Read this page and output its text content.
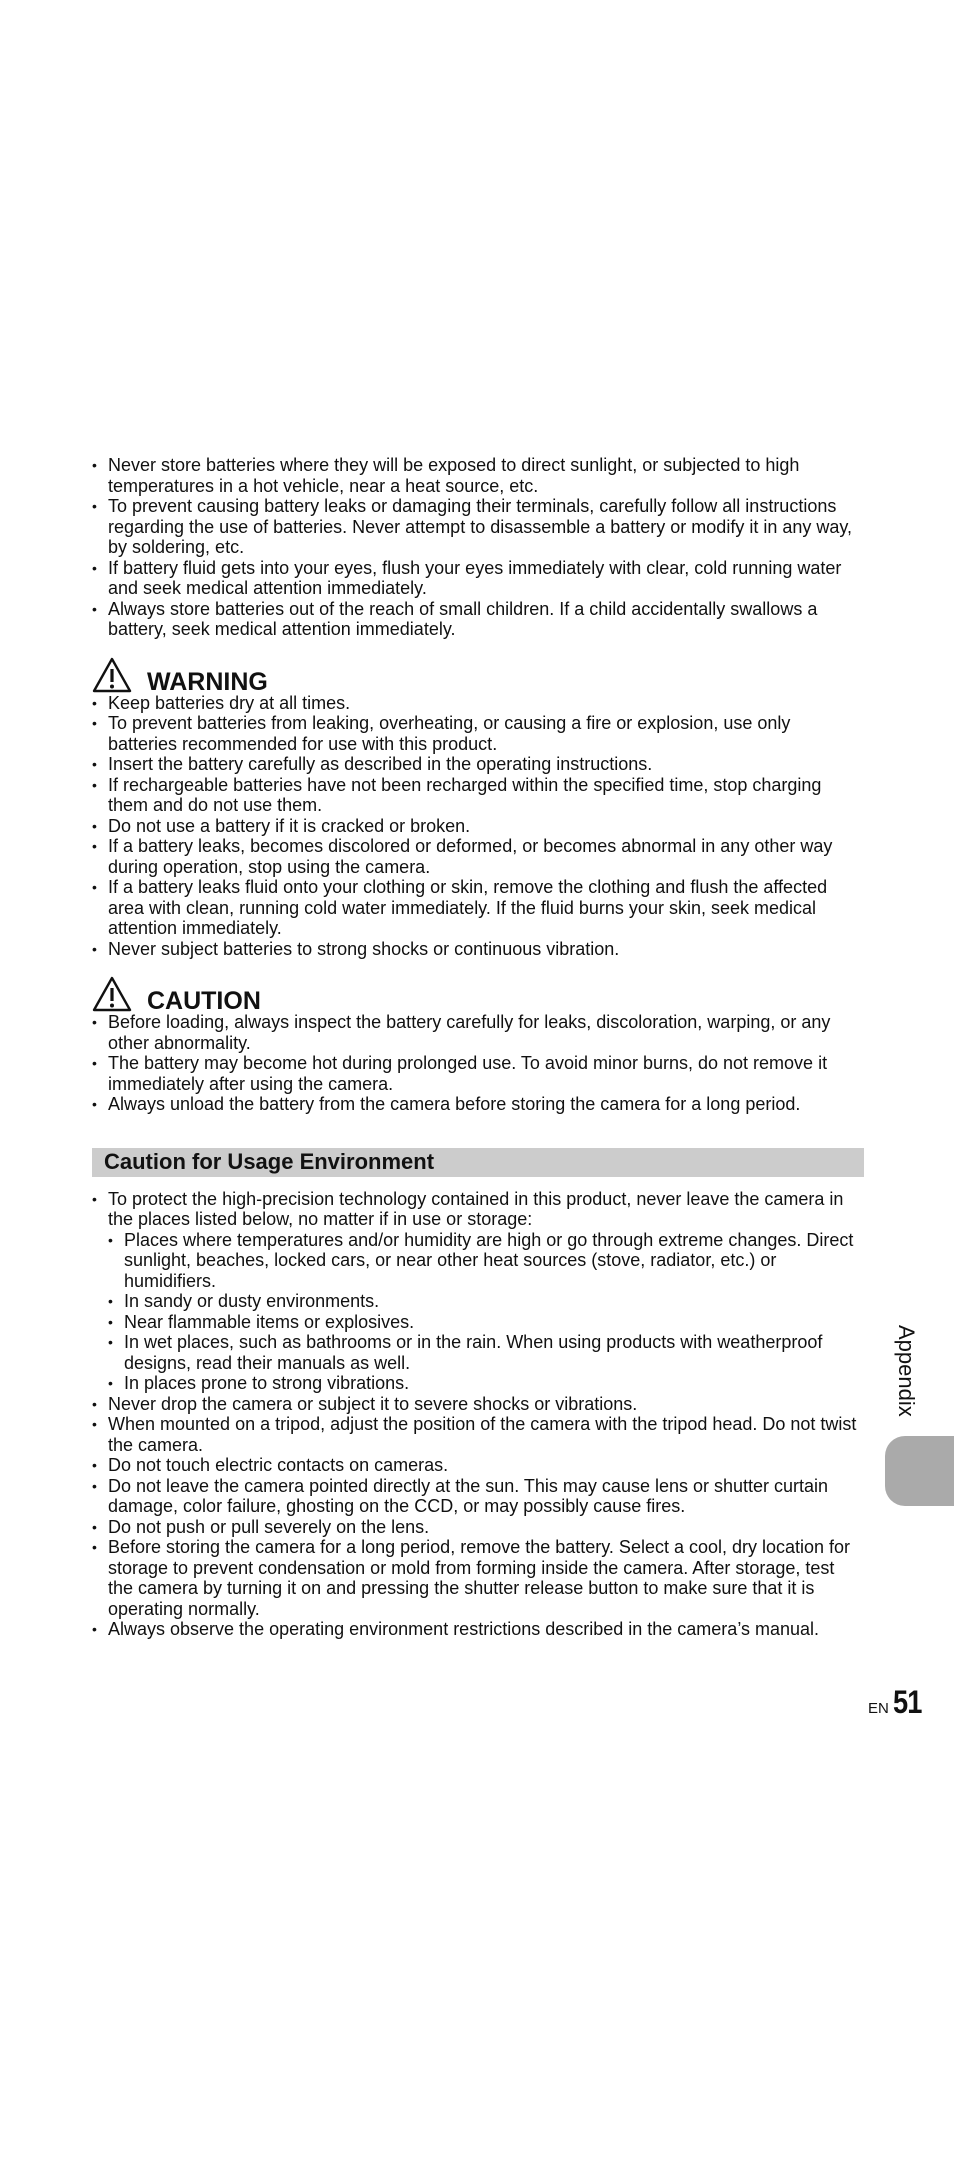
• Never store batteries where they will be exposed to direct sunlight, or subjected to high temperatures in a hot vehicle, near a heat source, etc.
• To prevent causing battery leaks or damaging their terminals, carefully follow all instructions regarding the use of batteries. Never attempt to disassemble a battery or modify it in any way, by soldering, etc.
• If battery fluid gets into your eyes, flush your eyes immediately with clear, cold running water and seek medical attention immediately.
• Always store batteries out of the reach of small children. If a child accidentally swallows a battery, seek medical attention immediately.
WARNING
• Keep batteries dry at all times.
• To prevent batteries from leaking, overheating, or causing a fire or explosion, use only batteries recommended for use with this product.
• Insert the battery carefully as described in the operating instructions.
• If rechargeable batteries have not been recharged within the specified time, stop charging them and do not use them.
• Do not use a battery if it is cracked or broken.
• If a battery leaks, becomes discolored or deformed, or becomes abnormal in any other way during operation, stop using the camera.
• If a battery leaks fluid onto your clothing or skin, remove the clothing and flush the affected area with clean, running cold water immediately. If the fluid burns your skin, seek medical attention immediately.
• Never subject batteries to strong shocks or continuous vibration.
CAUTION
• Before loading, always inspect the battery carefully for leaks, discoloration, warping, or any other abnormality.
• The battery may become hot during prolonged use. To avoid minor burns, do not remove it immediately after using the camera.
• Always unload the battery from the camera before storing the camera for a long period.
Caution for Usage Environment
• To protect the high-precision technology contained in this product, never leave the camera in the places listed below, no matter if in use or storage:
• Places where temperatures and/or humidity are high or go through extreme changes. Direct sunlight, beaches, locked cars, or near other heat sources (stove, radiator, etc.) or humidifiers.
• In sandy or dusty environments.
• Near flammable items or explosives.
• In wet places, such as bathrooms or in the rain. When using products with weatherproof designs, read their manuals as well.
• In places prone to strong vibrations.
• Never drop the camera or subject it to severe shocks or vibrations.
• When mounted on a tripod, adjust the position of the camera with the tripod head. Do not twist the camera.
• Do not touch electric contacts on cameras.
• Do not leave the camera pointed directly at the sun. This may cause lens or shutter curtain damage, color failure, ghosting on the CCD, or may possibly cause fires.
• Do not push or pull severely on the lens.
• Before storing the camera for a long period, remove the battery. Select a cool, dry location for storage to prevent condensation or mold from forming inside the camera. After storage, test the camera by turning it on and pressing the shutter release button to make sure that it is operating normally.
• Always observe the operating environment restrictions described in the camera’s manual.
Appendix
EN 51
